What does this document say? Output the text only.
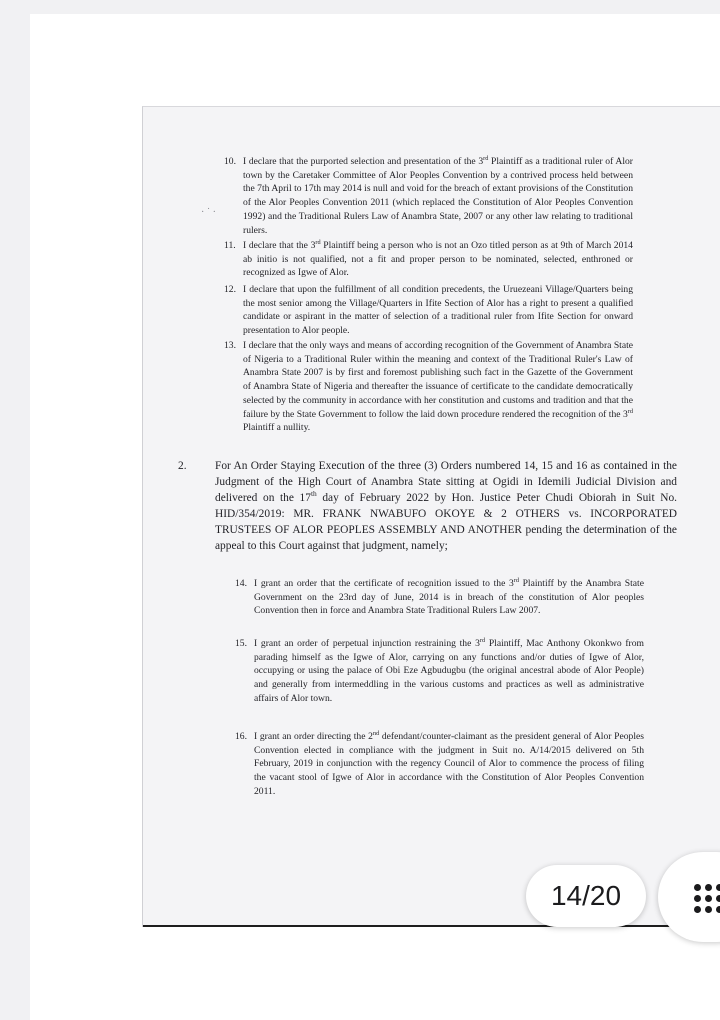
· ˙ ·
10. I declare that the purported selection and presentation of the 3rd Plaintiff as a traditional ruler of Alor town by the Caretaker Committee of Alor Peoples Convention by a contrived process held between the 7th April to 17th may 2014 is null and void for the breach of extant provisions of the Constitution of the Alor Peoples Convention 2011 (which replaced the Constitution of Alor Peoples Convention 1992) and the Traditional Rulers Law of Anambra State, 2007 or any other law relating to traditional rulers.
11. I declare that the 3rd Plaintiff being a person who is not an Ozo titled person as at 9th of March 2014 ab initio is not qualified, not a fit and proper person to be nominated, selected, enthroned or recognized as Igwe of Alor.
12. I declare that upon the fulfillment of all condition precedents, the Uruezeani Village/Quarters being the most senior among the Village/Quarters in Ifite Section of Alor has a right to present a qualified candidate or aspirant in the matter of selection of a traditional ruler from Ifite Section for onward presentation to Alor people.
13. I declare that the only ways and means of according recognition of the Government of Anambra State of Nigeria to a Traditional Ruler within the meaning and context of the Traditional Ruler's Law of Anambra State 2007 is by first and foremost publishing such fact in the Gazette of the Government of Anambra State of Nigeria and thereafter the issuance of certificate to the candidate democratically selected by the community in accordance with her constitution and customs and tradition and that the failure by the State Government to follow the laid down procedure rendered the recognition of the 3rd Plaintiff a nullity.
2. For An Order Staying Execution of the three (3) Orders numbered 14, 15 and 16 as contained in the Judgment of the High Court of Anambra State sitting at Ogidi in Idemili Judicial Division and delivered on the 17th day of February 2022 by Hon. Justice Peter Chudi Obiorah in Suit No. HID/354/2019: MR. FRANK NWABUFO OKOYE & 2 OTHERS vs. INCORPORATED TRUSTEES OF ALOR PEOPLES ASSEMBLY AND ANOTHER pending the determination of the appeal to this Court against that judgment, namely;
14. I grant an order that the certificate of recognition issued to the 3rd Plaintiff by the Anambra State Government on the 23rd day of June, 2014 is in breach of the constitution of Alor peoples Convention then in force and Anambra State Traditional Rulers Law 2007.
15. I grant an order of perpetual injunction restraining the 3rd Plaintiff, Mac Anthony Okonkwo from parading himself as the Igwe of Alor, carrying on any functions and/or duties of Igwe of Alor, occupying or using the palace of Obi Eze Agbudugbu (the original ancestral abode of Alor People) and generally from intermeddling in the various customs and practices as well as administrative affairs of Alor town.
16. I grant an order directing the 2nd defendant/counter-claimant as the president general of Alor Peoples Convention elected in compliance with the judgment in Suit no. A/14/2015 delivered on 5th February, 2019 in conjunction with the regency Council of Alor to commence the process of filing the vacant stool of Igwe of Alor in accordance with the Constitution of Alor Peoples Convention 2011.
14/20
